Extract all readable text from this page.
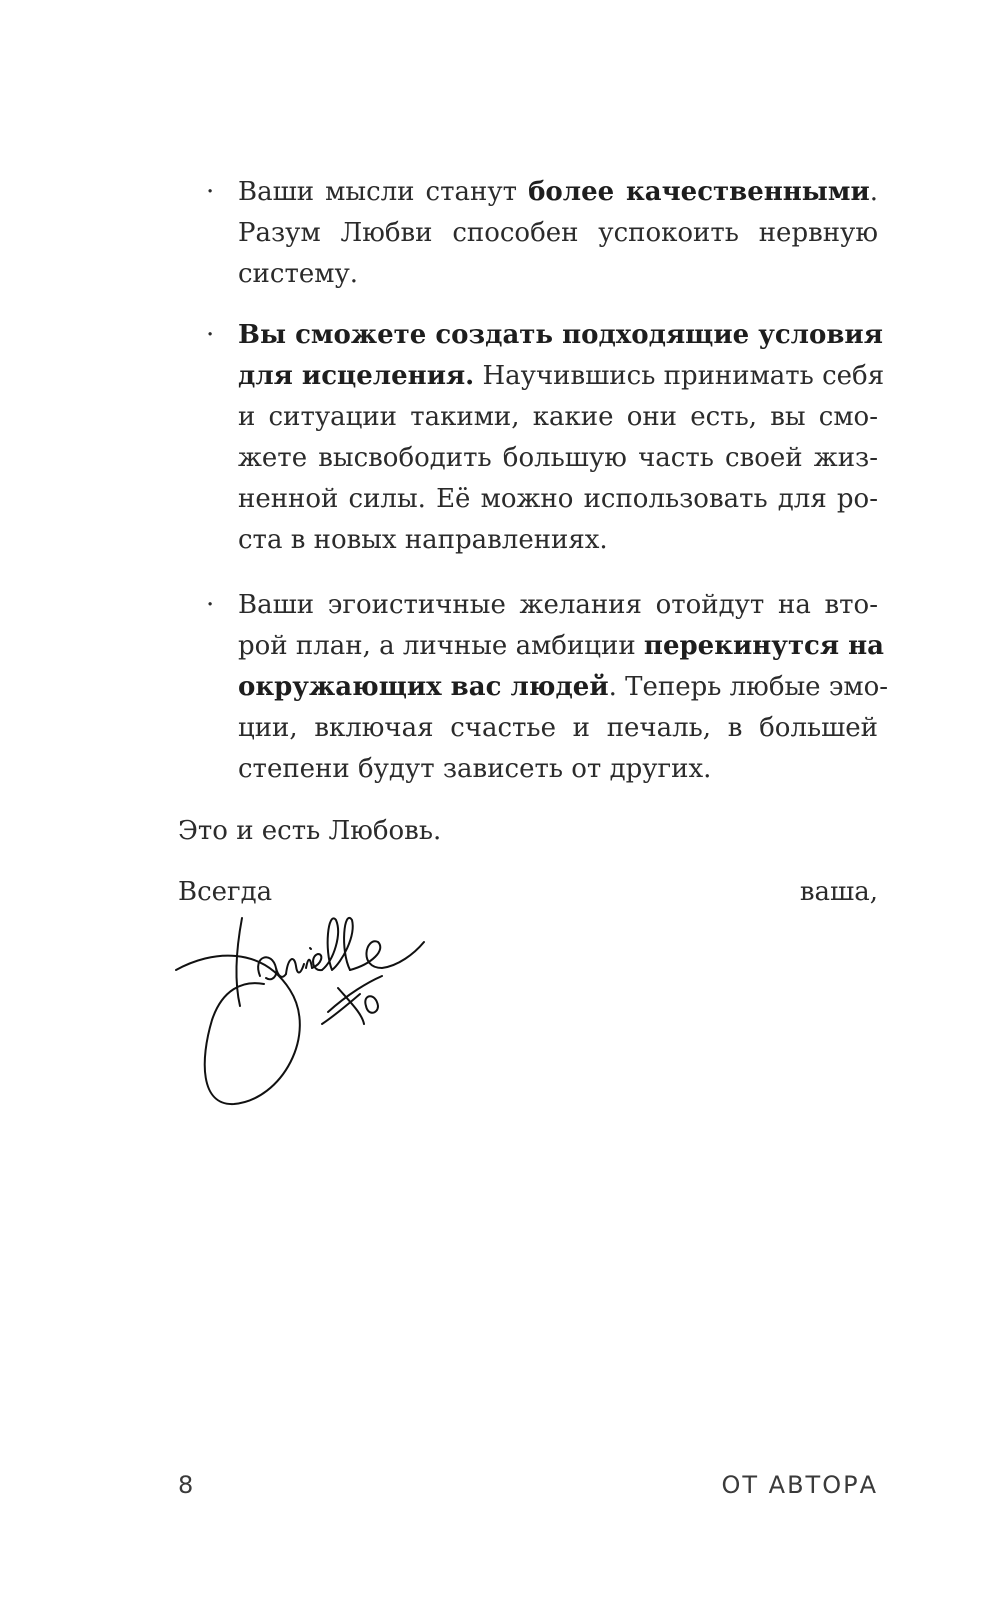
· Ваши мысли станут более качественными.
Разум Любви способен успокоить нервную
систему.
· Вы сможете создать подходящие условия
для исцеления. Научившись принимать себя
и ситуации такими, какие они есть, вы смо-
жете высвободить большую часть своей жиз-
ненной силы. Её можно использовать для ро-
ста в новых направлениях.
· Ваши эгоистичные желания отойдут на вто-
рой план, а личные амбиции перекинутся на
окружающих вас людей. Теперь любые эмо-
ции, включая счастье и печаль, в большей
степени будут зависеть от других.
Это и есть Любовь.
Всегда	ваша,
8	ОТ АВТОРА
